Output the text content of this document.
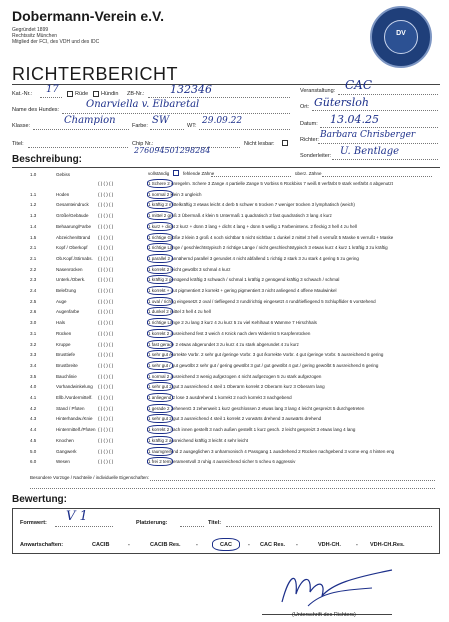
Dobermann-Verein e.V.
Gegründet 1899
Rechtssitz München
Mitglied der FCI, des VDH und des IDC
DV
RICHTERBERICHT
Kat.-Nr.: 17	Rüde Hündin ZB-Nr.: 132346
Name des Hundes:	Onarviella v. Elbaretal
Klasse:	Champion	Farbe: SW	WT: 29.09.22
Titel:	Chip Nr.:
276094501298284
Nicht lesbar:
Veranstaltung: CAC
Ort: Gütersloh
Datum: 13.04.25
Richter: Barbara Chrisberger
Sonderleiter: U. Bentlage
Beschreibung:
1.0	Gebiss	vollständig	fehlende Zähne	überz. Zähne
( ) ( ) ( )	1 Schere 2 unregelm. Schere 3 Zange 4 partielle Zange 5 Vorbiss 6 Rückbiss 7 weiß 8 verfärbt 9 stark verfärbt 4 abgenutzt
1.1	Hoden	( ) ( ) ( )	1 normal 2 klein 3 ungleich
1.2	Gesamteindruck ( ) ( ) ( )	1 kräftig 2 mittelkräftig 3 etwas leicht 4 derb 5 schwer 6 trocken 7 weniger trocken 3 lymphatisch (weich)
1.3	Größe/Gebäude ( ) ( ) ( )	1 mittel 2 groß 3 Übermaß 4 klein 5 Untermaß 1 quadratisch 2 fast quadratisch 3 lang 4 kurz
1.4	Behaarung/Farbe ( ) ( ) ( )	1 kurz + dicht 2 kurz + dünn 3 lang + dicht 4 lang + dünn 5 wellig 1 Farbenintens. 2 fleckig 3 hell 4 zu hell
1.5	Abzeichen/Brand ( ) ( ) ( )	1 richtige Größe 2 klein 3 groß 4 noch sichtbar 5 nicht sichtbar 1 dunkel 2 mittel 3 hell 4 verrußt 5 Maske 6 verrußt + Maske
2.1	Kopf / Oberkopf ( ) ( ) ( )	1 richtige Länge / geschlechtstypisch 2 richtige Länge / nicht geschlechtstypisch 3 etwas kurz 4 kurz 1 kräftig 3 zu kräftig
2.1	Ob.Kopf./Stirnabs. ( ) ( ) ( )	1 parallel 2 annähernd parallel 3 gerundet 4 nicht abfallend 1 richtig 2 stark 3 zu stark 4 gering 5 zu gering
2.2	Nasenrücken	( ) ( ) ( )	1 korrekt 2 leicht gewölbt 3 schmal 4 kurz
2.3	Unterk./Oberk.	( ) ( ) ( )	1 kräftig 2 genügend kräftig 3 schwach / schmal 1 kräftig 2 genügend kräftig 3 schwach / schmal
2.4	Belefzung	( ) ( ) ( )	1 korrekt + gut pigmentiert 2 korrekt + gering pigmentiert 3 nicht anliegend 4 offene Maulwinkel
2.5	Auge	( ) ( ) ( )	1 oval / richtig eingesetzt 2 oval / tiefliegend 3 rund/richtig eingesetzt 4 rund/tiefliegend 5 Schlupflider 6 vorstehend
2.6	Augenfarbe	( ) ( ) ( )	1 dunkel 2 mittel 3 hell 4 zu hell
3.0	Hals	( ) ( ) ( )	1 richtige Länge 2 zu lang 3 kurz 4 zu kurz 5 zu viel Kehlhaut 6 Wamme 7 Hirschhals
3.1	Rücken	( ) ( ) ( )	1 korrekt 2 ausreichend fest 3 weich 4 Knick nach dem Widerrist 5 Karpfenrücken
3.2	Kruppe	( ) ( ) ( )	1 fast gerade 2 etwas abgerundet 3 zu kurz 4 zu stark abgerundet 4 zu kurz
3.3	Brusttiefe	( ) ( ) ( )	1 sehr gut /korrekte Vorbr. 2 sehr gut /geringe Vorbr. 3 gut /korrekte Vorbr. 4 gut /geringe Vorbr. 5 ausreichend 6 gering
3.4	Brustbreite	( ) ( ) ( )	1 sehr gut / gut gewölbt 2 sehr gut / gering gewölbt 3 gut / gut gewölbt 4 gut / gering gewölbt 5 ausreichend 6 gering
3.5	Bauchlinie	( ) ( ) ( )	1 normal 2 ausreichend 3 wenig aufgezogen 4 nicht aufgezogen 5 zu stark aufgezogen
4.0	Vorhandwinkelung ( ) ( ) ( )	1 sehr gut 2 gut 3 ausreichend 4 steil 1 Oberarm korrekt 2 Oberarm kurz 3 Oberarm lang
4.1	Ellb./Vordermittelf. ( ) ( ) ( )	1 anliegend 2 lose 3 ausdrehend 1 korrekt 2 noch korrekt 3 nachgebend
4.2	Stand / Pfoten	( ) ( ) ( )	1 gerade 2 zehenenG 3 zehenweit 1 kurz geschlossen 2 etwas lang 3 lang 4 leicht gespreizt 5 durchgetreten
4.3	Hinterhandw./Knie ( ) ( ) ( )	1 sehr gut 2 gut 3 ausreichend 4 steil 1 korrekt 2 vorwärts drehend 3 auswärts drehend
4.4	Hintermittelf./Pfoten ( ) ( ) ( )	1 korrekt 2 nach innen gestellt 3 nach außen gestellt 1 kurz gesch. 2 leicht gespreizt 3 etwas lang 4 lang
4.5	Knochen	( ) ( ) ( )	1 kräftig 2 ausreichend kräftig 3 leicht 4 sehr leicht
5.0	Gangwerk	( ) ( ) ( )	1 raumgreifend 2 ausgeglichen 3 unharmonisch 4 Passgang 1 ausdrehend 2 Rücken nachgebend 3 vorne eng 4 hinten eng
6.0	Wesen	( ) ( ) ( )	1 frei 2 temperamentvoll 3 ruhig 4 ausreichend sicher 5 scheu 6 aggressiv
Besondere Vorzüge / Nachteile / individuelle Eigenschaften:
Bewertung:
Formwert: V 1	Platzierung:	Titel:
Anwartschaften:	CACIB	-	CACIB Res.	-	CAC	- CAC Res. -	VDH-CH.	- VDH-CH.Res.
(Unterschrift des Richters)
